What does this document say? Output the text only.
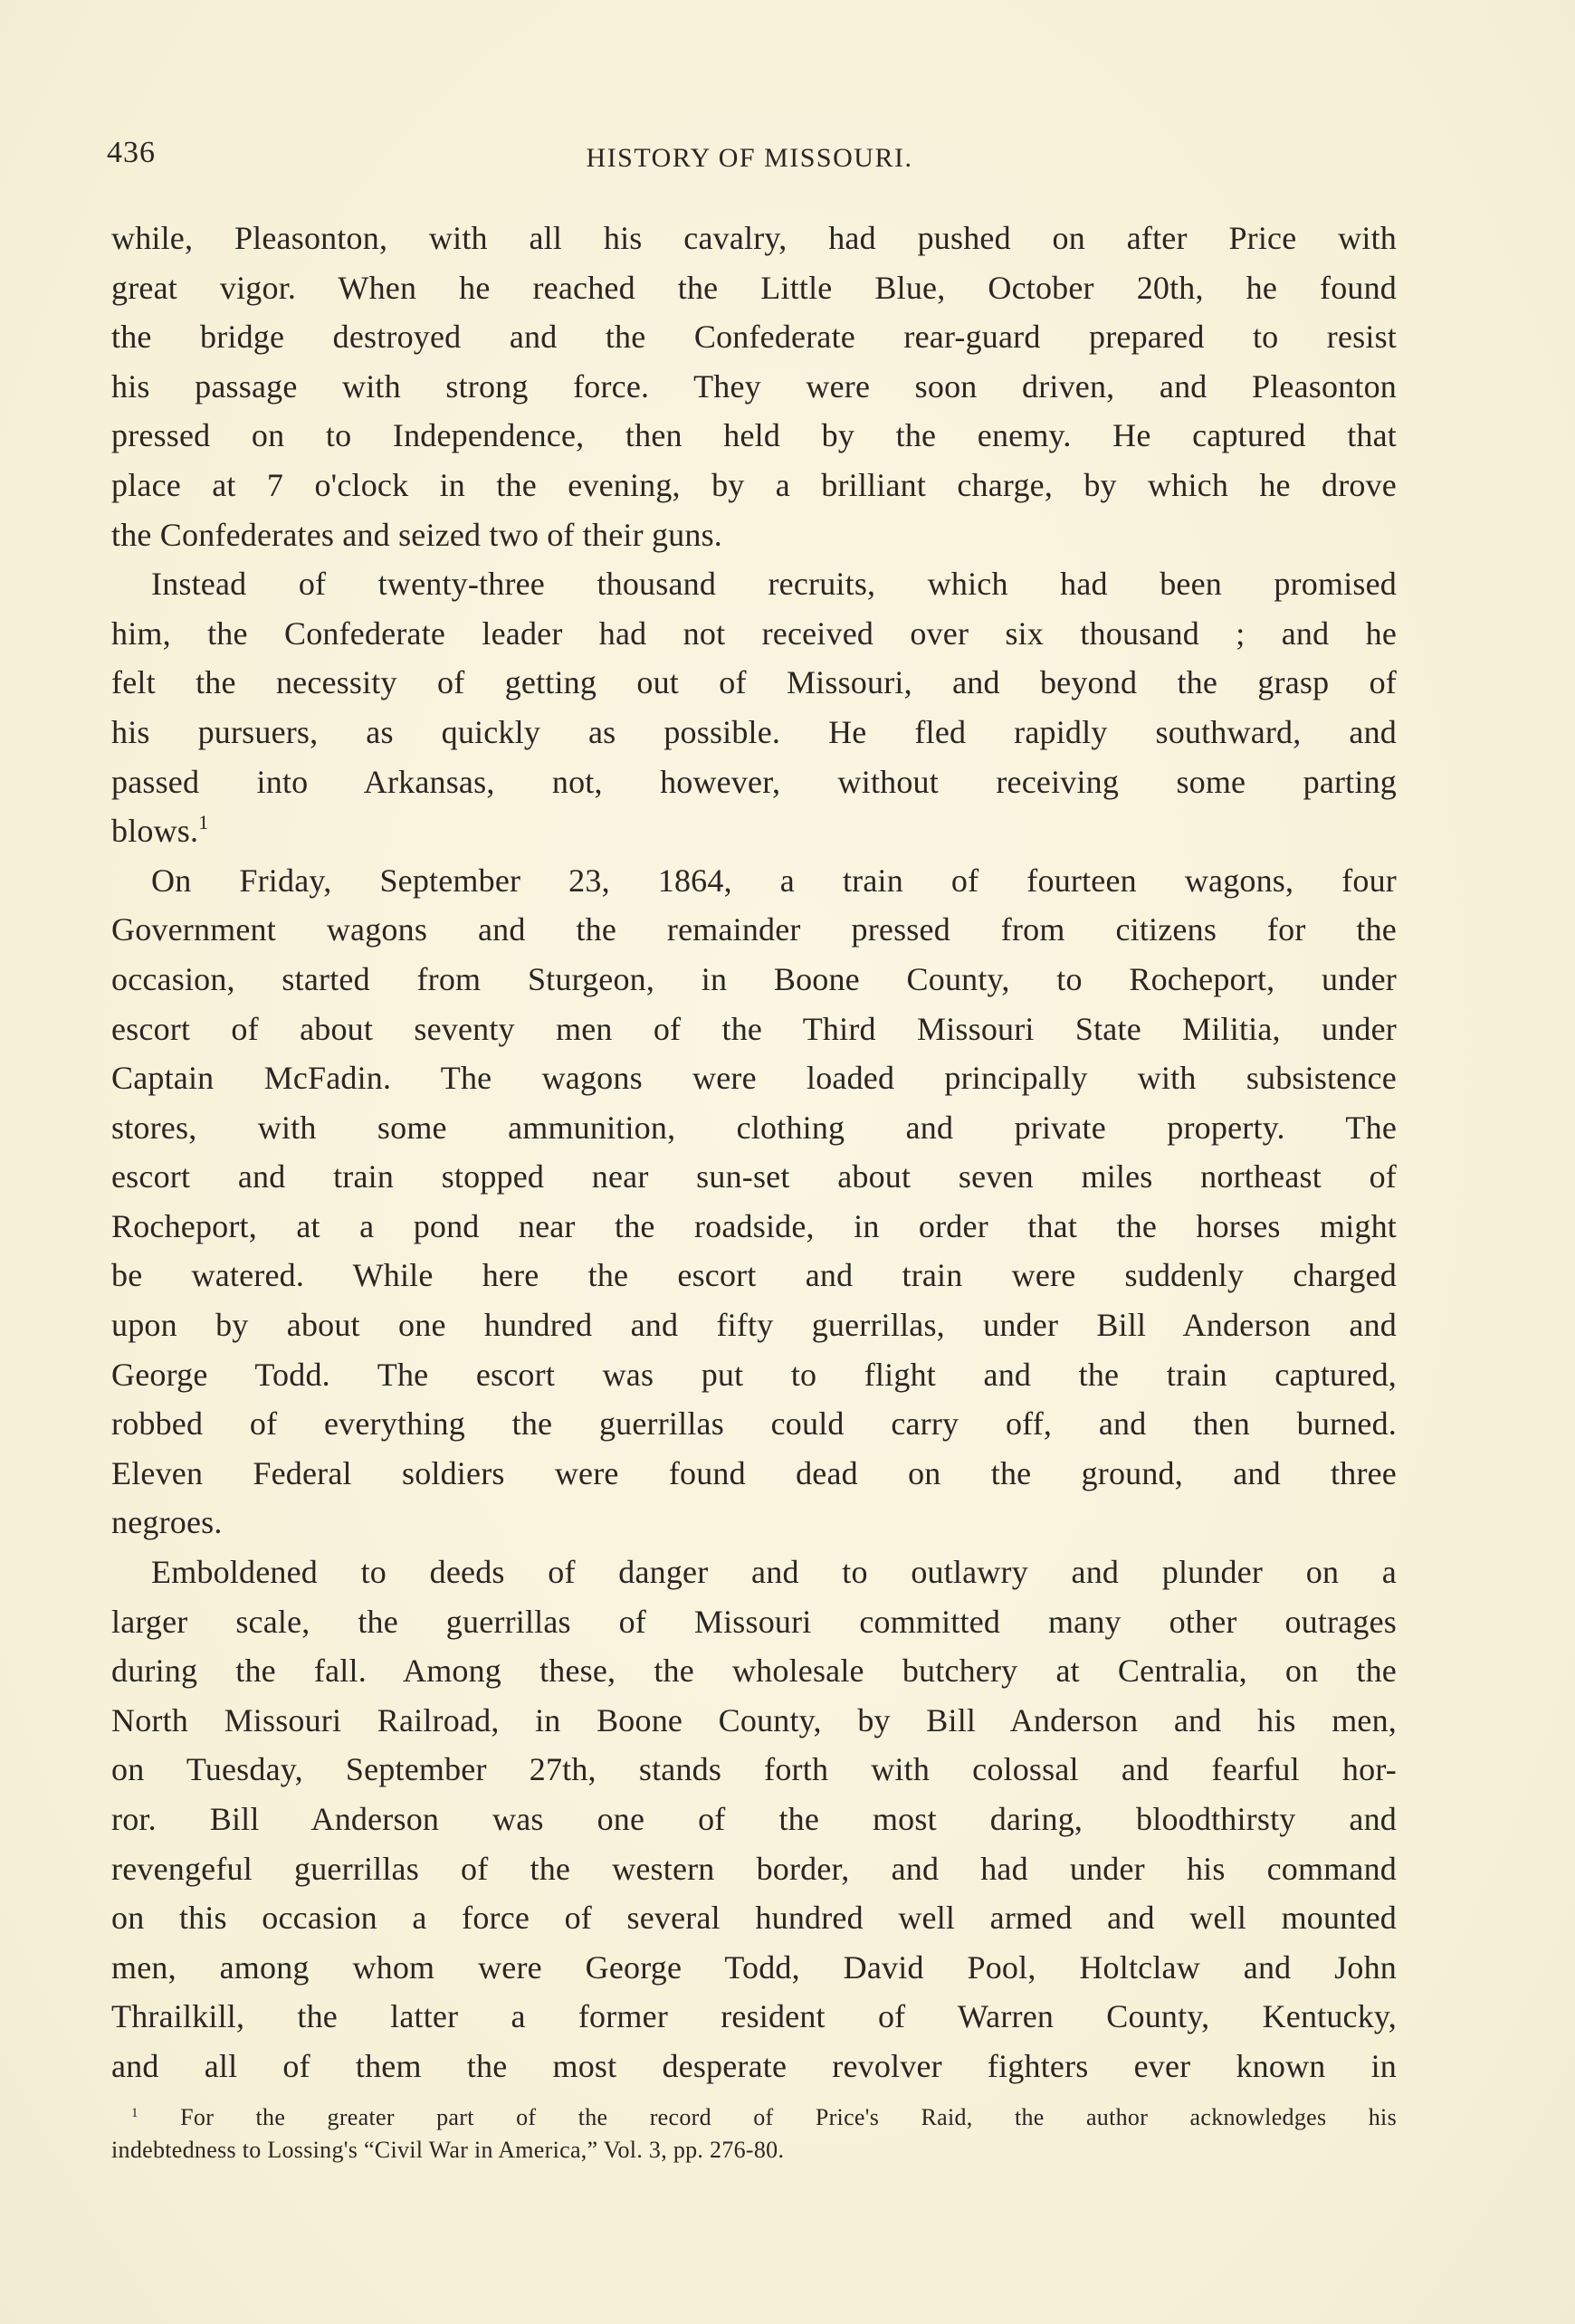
436	HISTORY OF MISSOURI.
while, Pleasonton, with all his cavalry, had pushed on after Price with
great vigor. When he reached the Little Blue, October 20th, he found
the bridge destroyed and the Confederate rear-guard prepared to resist
his passage with strong force. They were soon driven, and Pleasonton
pressed on to Independence, then held by the enemy. He captured that
place at 7 o'clock in the evening, by a brilliant charge, by which he drove
the Confederates and seized two of their guns.
Instead of twenty-three thousand recruits, which had been promised
him, the Confederate leader had not received over six thousand ; and he
felt the necessity of getting out of Missouri, and beyond the grasp of
his pursuers, as quickly as possible. He fled rapidly southward, and
passed into Arkansas, not, however, without receiving some parting
blows.$^1$
On Friday, September 23, 1864, a train of fourteen wagons, four
Government wagons and the remainder pressed from citizens for the
occasion, started from Sturgeon, in Boone County, to Rocheport, under
escort of about seventy men of the Third Missouri State Militia, under
Captain McFadin. The wagons were loaded principally with subsistence
stores, with some ammunition, clothing and private property. The
escort and train stopped near sun-set about seven miles northeast of
Rocheport, at a pond near the roadside, in order that the horses might
be watered. While here the escort and train were suddenly charged
upon by about one hundred and fifty guerrillas, under Bill Anderson and
George Todd. The escort was put to flight and the train captured,
robbed of everything the guerrillas could carry off, and then burned.
Eleven Federal soldiers were found dead on the ground, and three
negroes.
Emboldened to deeds of danger and to outlawry and plunder on a
larger scale, the guerrillas of Missouri committed many other outrages
during the fall. Among these, the wholesale butchery at Centralia, on the
North Missouri Railroad, in Boone County, by Bill Anderson and his men,
on Tuesday, September 27th, stands forth with colossal and fearful hor-
ror. Bill Anderson was one of the most daring, bloodthirsty and
revengeful guerrillas of the western border, and had under his command
on this occasion a force of several hundred well armed and well mounted
men, among whom were George Todd, David Pool, Holtclaw and John
Thrailkill, the latter a former resident of Warren County, Kentucky,
and all of them the most desperate revolver fighters ever known in
$^1$ For the greater part of the record of Price's Raid, the author acknowledges his
indebtedness to Lossing's “Civil War in America,” Vol. 3, pp. 276-80.
